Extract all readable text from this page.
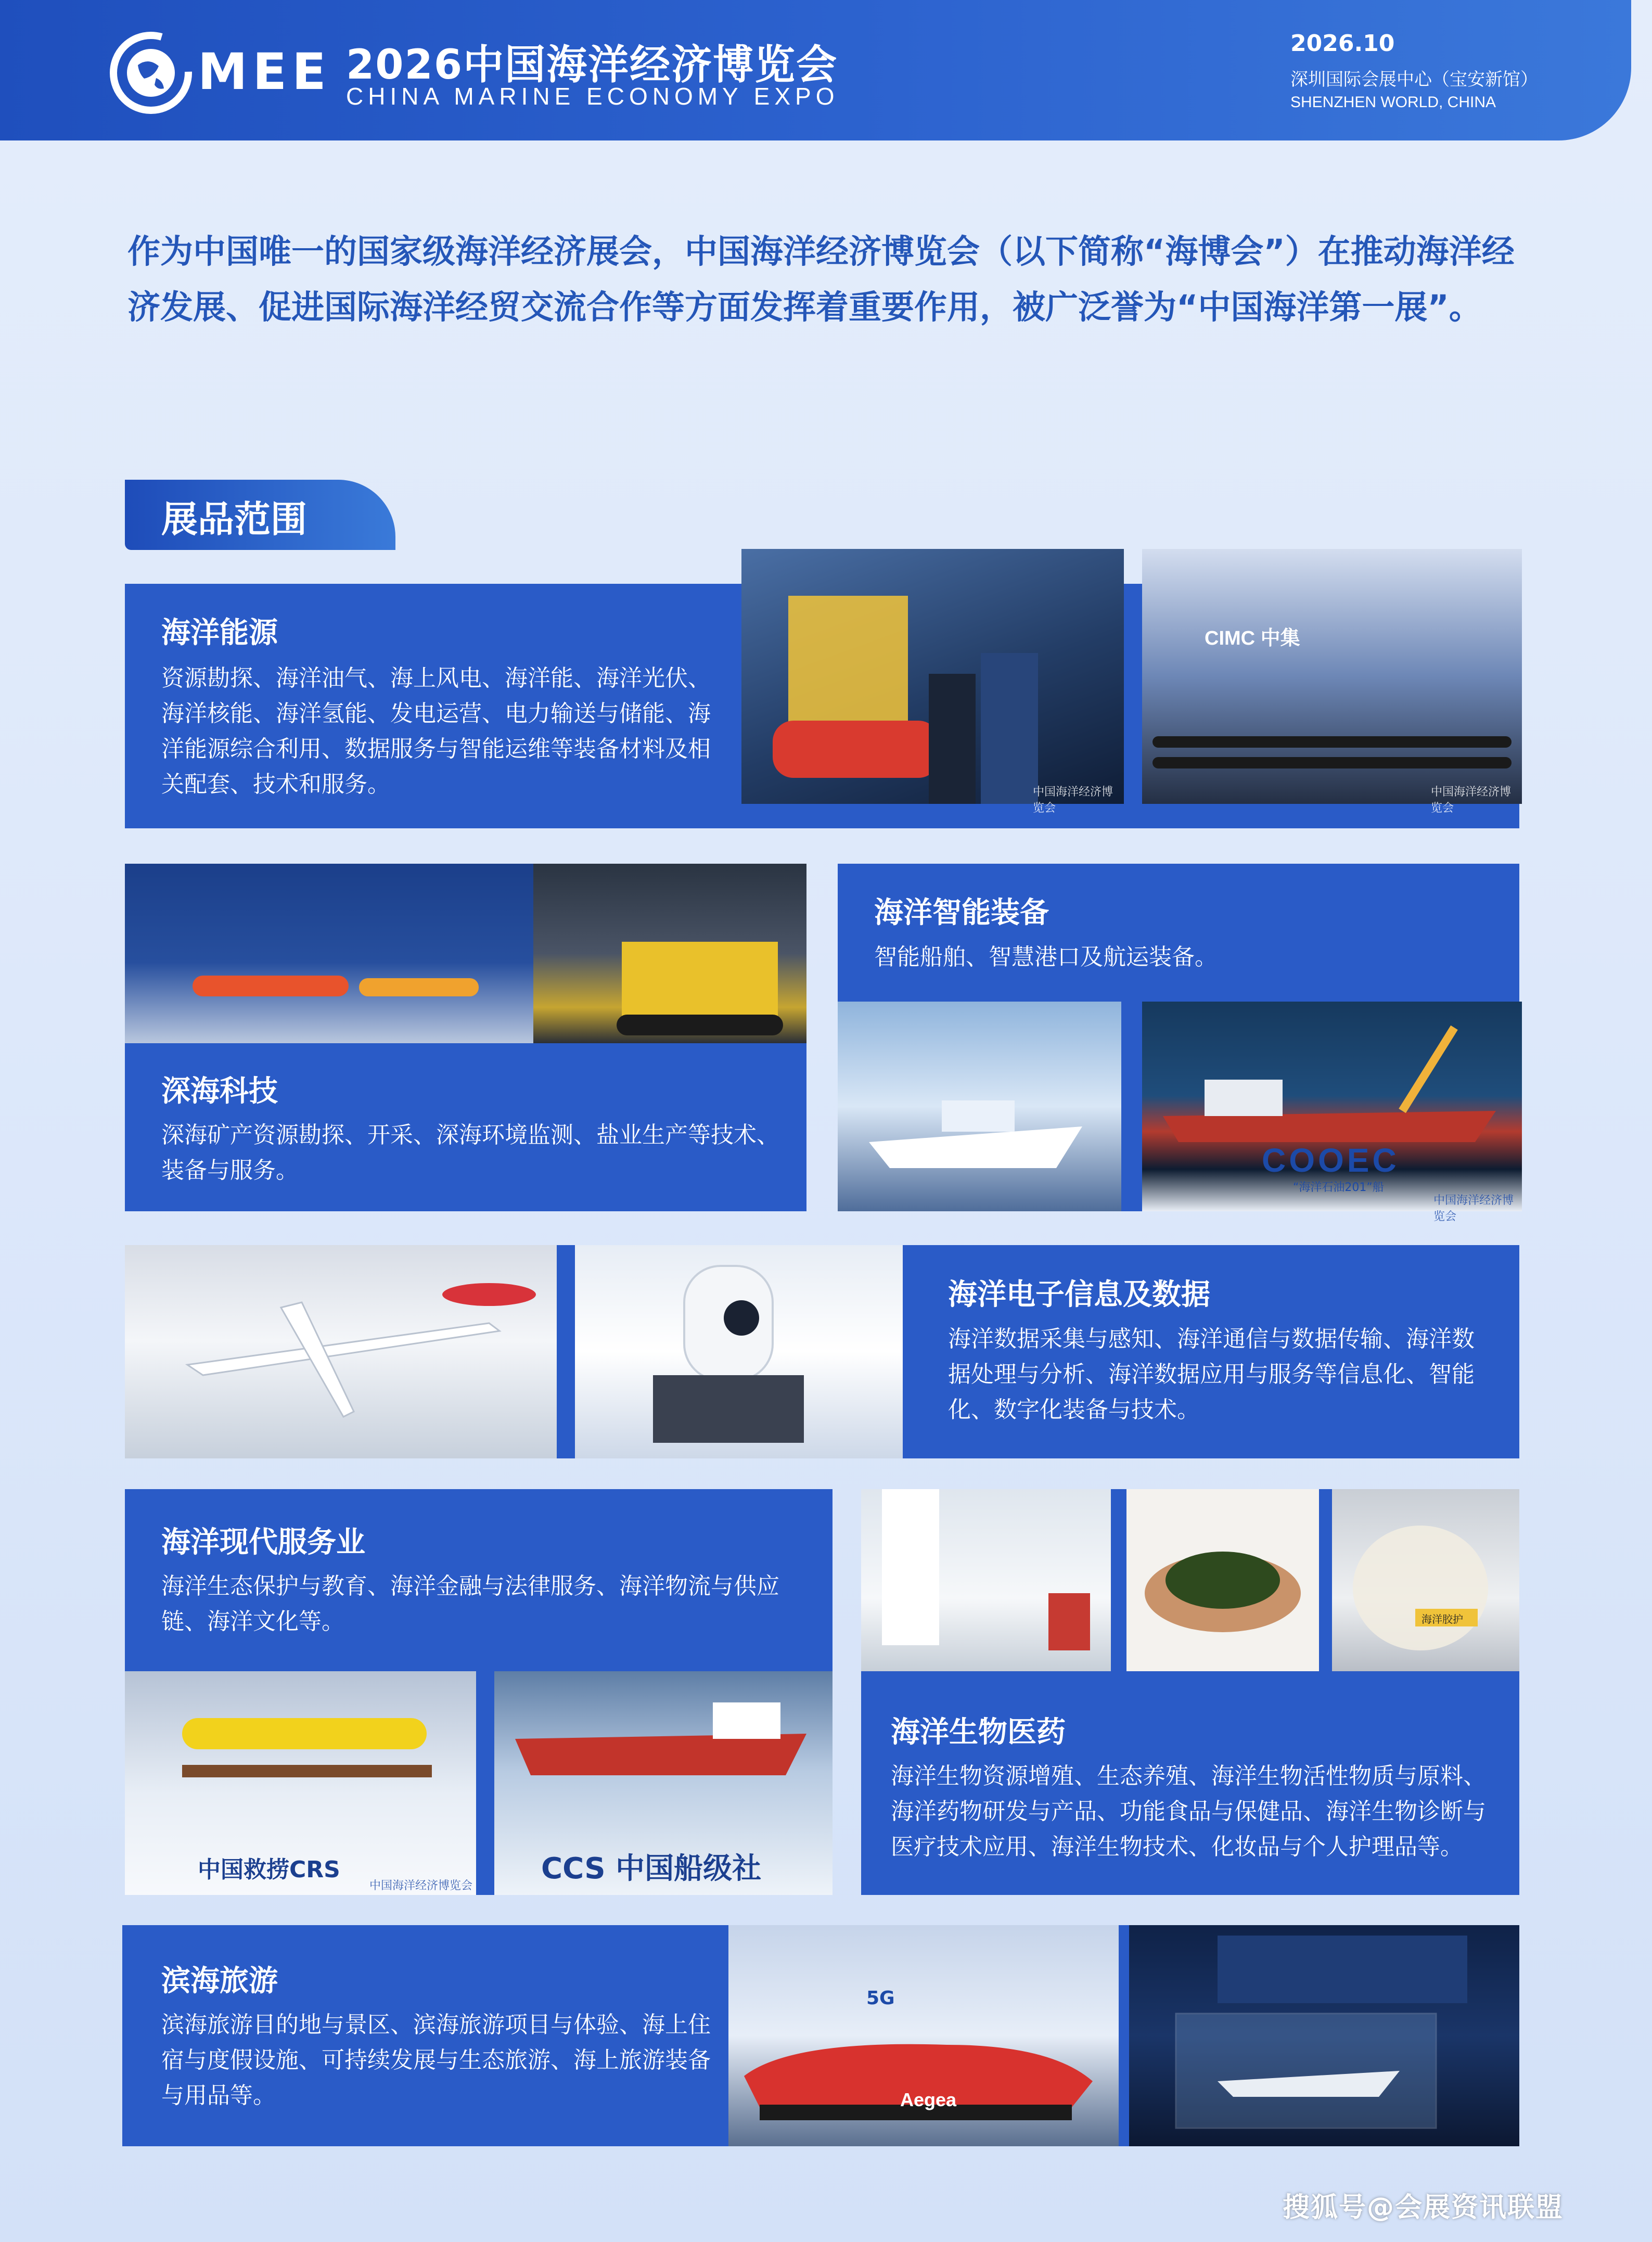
MEE 2026中国海洋经济博览会
CHINA MARINE ECONOMY EXPO
2026.10
深圳国际会展中心（宝安新馆）
SHENZHEN WORLD, CHINA
作为中国唯一的国家级海洋经济展会，中国海洋经济博览会（以下简称“海博会”）在推动海洋经济发展、促进国际海洋经贸交流合作等方面发挥着重要作用，被广泛誉为“中国海洋第一展”。
展品范围
海洋能源
资源勘探、海洋油气、海上风电、海洋能、海洋光伏、海洋核能、海洋氢能、发电运营、电力输送与储能、海洋能源综合利用、数据服务与智能运维等装备材料及相关配套、技术和服务。	中国海洋经济博览会
CIMC 中集
中国海洋经济博览会
深海科技
深海矿产资源勘探、开采、深海环境监测、盐业生产等技术、装备与服务。
海洋智能装备
智能船舶、智慧港口及航运装备。
COOEC
“海洋石油201”船
中国海洋经济博览会
海洋电子信息及数据
海洋数据采集与感知、海洋通信与数据传输、海洋数据处理与分析、海洋数据应用与服务等信息化、智能化、数字化装备与技术。
海洋现代服务业
海洋生态保护与教育、海洋金融与法律服务、海洋物流与供应链、海洋文化等。
中国救捞CRS
中国海洋经济博览会
CCS 中国船级社
海洋胶护
海洋生物医药
海洋生物资源增殖、生态养殖、海洋生物活性物质与原料、海洋药物研发与产品、功能食品与保健品、海洋生物诊断与医疗技术应用、海洋生物技术、化妆品与个人护理品等。
滨海旅游
滨海旅游目的地与景区、滨海旅游项目与体验、海上住宿与度假设施、可持续发展与生态旅游、海上旅游装备与用品等。
5G
Aegea
搜狐号@会展资讯联盟
